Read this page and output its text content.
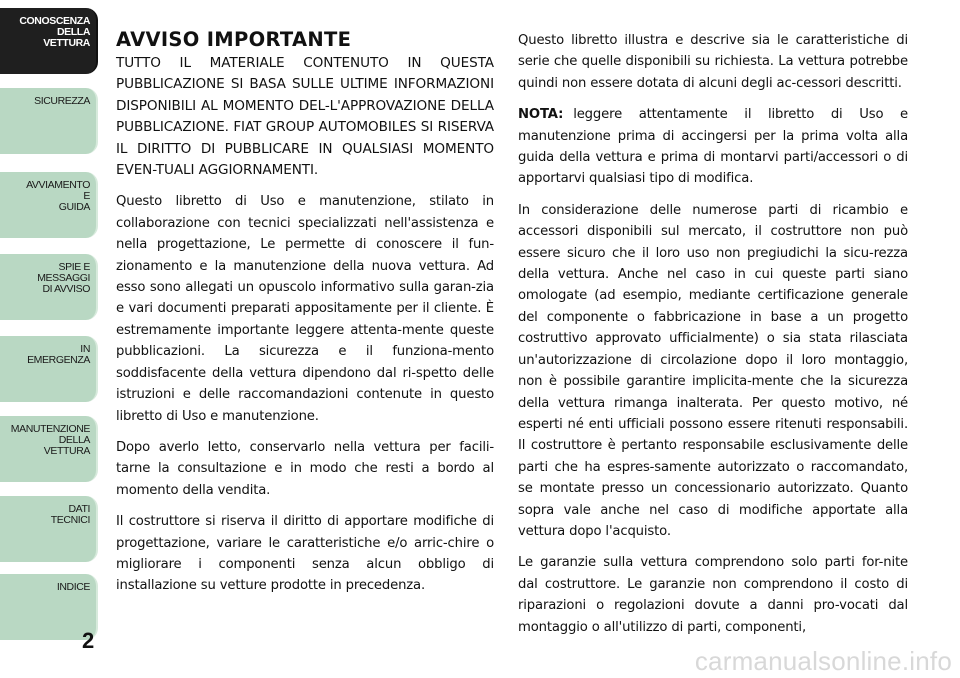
CONOSCENZA
DELLA
VETTURA
SICUREZZA
AVVIAMENTO
E
GUIDA
SPIE E
MESSAGGI
DI AVVISO
IN
EMERGENZA
MANUTENZIONE
DELLA
VETTURA
DATI
TECNICI
INDICE
2
AVVISO IMPORTANTE

TUTTO IL MATERIALE CONTENUTO IN QUESTA PUBBLICAZIONE SI BASA SULLE ULTIME INFORMAZIONI DISPONIBILI AL MOMENTO DEL-L'APPROVAZIONE DELLA PUBBLICAZIONE. FIAT GROUP AUTOMOBILES SI RISERVA IL DIRITTO DI PUBBLICARE IN QUALSIASI MOMENTO EVEN-TUALI AGGIORNAMENTI.

Questo libretto di Uso e manutenzione, stilato in collaborazione con tecnici specializzati nell'assistenza e nella progettazione, Le permette di conoscere il fun-zionamento e la manutenzione della nuova vettura. Ad esso sono allegati un opuscolo informativo sulla garan-zia e vari documenti preparati appositamente per il cliente. È estremamente importante leggere attenta-mente queste pubblicazioni. La sicurezza e il funziona-mento soddisfacente della vettura dipendono dal ri-spetto delle istruzioni e delle raccomandazioni contenute in questo libretto di Uso e manutenzione.

Dopo averlo letto, conservarlo nella vettura per facili-tarne la consultazione e in modo che resti a bordo al momento della vendita.

Il costruttore si riserva il diritto di apportare modifiche di progettazione, variare le caratteristiche e/o arric-chire o migliorare i componenti senza alcun obbligo di installazione su vetture prodotte in precedenza.

Questo libretto illustra e descrive sia le caratteristiche di serie che quelle disponibili su richiesta. La vettura potrebbe quindi non essere dotata di alcuni degli ac-cessori descritti.

NOTA: leggere attentamente il libretto di Uso e manutenzione prima di accingersi per la prima volta alla guida della vettura e prima di montarvi parti/accessori o di apportarvi qualsiasi tipo di modifica.

In considerazione delle numerose parti di ricambio e accessori disponibili sul mercato, il costruttore non può essere sicuro che il loro uso non pregiudichi la sicu-rezza della vettura. Anche nel caso in cui queste parti siano omologate (ad esempio, mediante certificazione generale del componente o fabbricazione in base a un progetto costruttivo approvato ufficialmente) o sia stata rilasciata un'autorizzazione di circolazione dopo il loro montaggio, non è possibile garantire implicita-mente che la sicurezza della vettura rimanga inalterata. Per questo motivo, né esperti né enti ufficiali possono essere ritenuti responsabili. Il costruttore è pertanto responsabile esclusivamente delle parti che ha espres-samente autorizzato o raccomandato, se montate presso un concessionario autorizzato. Quanto sopra vale anche nel caso di modifiche apportate alla vettura dopo l'acquisto.

Le garanzie sulla vettura comprendono solo parti for-nite dal costruttore. Le garanzie non comprendono il costo di riparazioni o regolazioni dovute a danni pro-vocati dal montaggio o all'utilizzo di parti, componenti,

carmanualsonline.info
